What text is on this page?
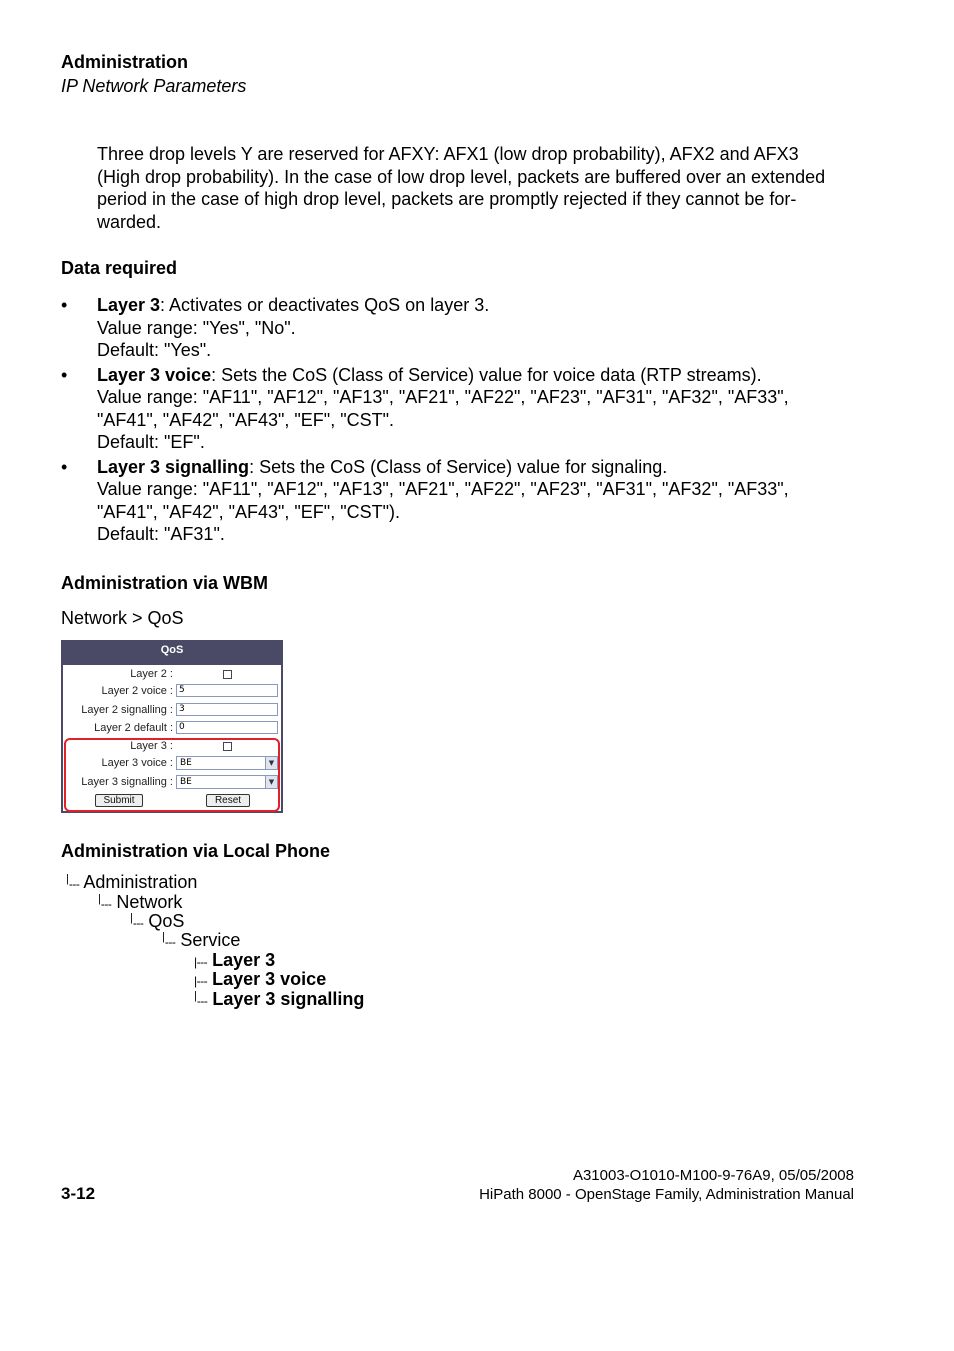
Administration
IP Network Parameters
Three drop levels Y are reserved for AFXY: AFX1 (low drop probability), AFX2 and AFX3
(High drop probability). In the case of low drop level, packets are buffered over an extended
period in the case of high drop level, packets are promptly rejected if they cannot be for-
warded.
Data required
• Layer 3: Activates or deactivates QoS on layer 3.
Value range: "Yes", "No".
Default: "Yes".
• Layer 3 voice: Sets the CoS (Class of Service) value for voice data (RTP streams).
Value range: "AF11", "AF12", "AF13", "AF21", "AF22", "AF23", "AF31", "AF32", "AF33",
"AF41", "AF42", "AF43", "EF", "CST".
Default: "EF".
• Layer 3 signalling: Sets the CoS (Class of Service) value for signaling.
Value range: "AF11", "AF12", "AF13", "AF21", "AF22", "AF23", "AF31", "AF32", "AF33",
"AF41", "AF42", "AF43", "EF", "CST").
Default: "AF31".
Administration via WBM
Network > QoS
QoS
Layer 2 :
Layer 2 voice : 5
Layer 2 signalling : 3
Layer 2 default : 0
Layer 3 :
Layer 3 voice : BE	▼
Layer 3 signalling : BE	▼
Submit	Reset
Administration via Local Phone
|--- Administration
|--- Network
|--- QoS
|--- Service
|--- Layer 3
|--- Layer 3 voice
|--- Layer 3 signalling
3-12
A31003-O1010-M100-9-76A9, 05/05/2008
HiPath 8000 - OpenStage Family, Administration Manual
